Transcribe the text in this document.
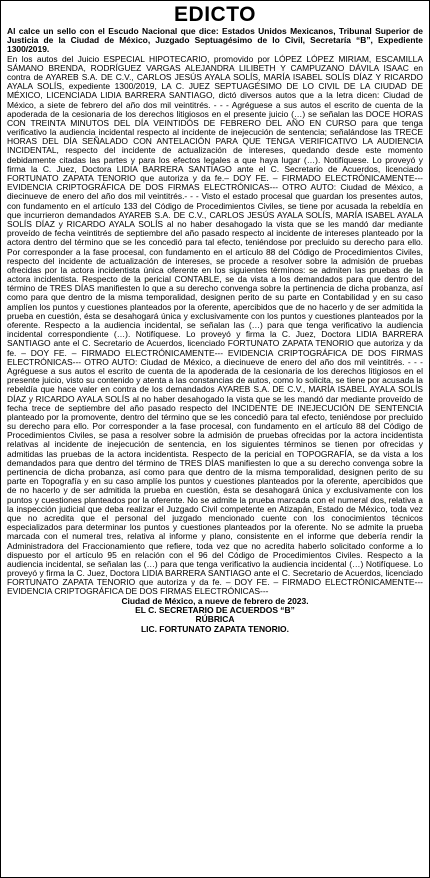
EDICTO

Al calce un sello con el Escudo Nacional que dice: Estados Unidos Mexicanos, Tribunal Superior de Justicia de la Ciudad de México, Juzgado Septuagésimo de lo Civil, Secretaría “B”, Expediente 1300/2019.

En los autos del Juicio ESPECIAL HIPOTECARIO, promovido por LÓPEZ LÓPEZ MIRIAM, ESCAMILLA SÁMANO BRENDA, RODRÍGUEZ VARGAS ALEJANDRA LILIBETH Y CAMPUZANO DÁVILA ISAAC en contra de AYAREB S.A. DE C.V., CARLOS JESÚS AYALA SOLÍS, MARÍA ISABEL SOLÍS DÍAZ Y RICARDO AYALA SOLÍS, expediente 1300/2019, LA C. JUEZ SEPTUAGÉSIMO DE LO CIVIL DE LA CIUDAD DE MÉXICO, LICENCIADA LIDIA BARRERA SANTIAGO, dictó diversos autos que a la letra dicen: Ciudad de México, a siete de febrero del año dos mil veintitrés. - - - Agréguese a sus autos el escrito de cuenta de la apoderada de la cesionaria de los derechos litigiosos en el presente juicio (…) se señalan las DOCE HORAS CON TREINTA MINUTOS DEL DÍA VEINTIDÓS DE FEBRERO DEL AÑO EN CURSO para que tenga verificativo la audiencia incidental respecto al incidente de inejecución de sentencia; señalándose las TRECE HORAS DEL DÍA SEÑALADO CON ANTELACIÓN PARA QUE TENGA VERIFICATIVO LA AUDIENCIA INCIDENTAL, respecto del incidente de actualización de intereses, quedando desde este momento debidamente citadas las partes y para los efectos legales a que haya lugar (…). Notifíquese. Lo proveyó y firma la C. Juez, Doctora LIDIA BARRERA SANTIAGO ante el C. Secretario de Acuerdos, licenciado FORTUNATO ZAPATA TENORIO que autoriza y da fe.– DOY FE. – FIRMADO ELECTRÓNICAMENTE---EVIDENCIA CRIPTOGRÁFICA DE DOS FIRMAS ELECTRÓNICAS--- OTRO AUTO: Ciudad de México, a diecinueve de enero del año dos mil veintitrés.- - - Visto el estado procesal que guardan los presentes autos, con fundamento en el artículo 133 del Código de Procedimientos Civiles, se tiene por acusada la rebeldía en que incurrieron demandados AYAREB S.A. DE C.V., CARLOS JESÚS AYALA SOLÍS, MARÍA ISABEL AYALA SOLÍS DÍAZ y RICARDO AYALA SOLÍS al no haber desahogado la vista que se les mandó dar mediante proveído de fecha veintitrés de septiembre del año pasado respecto al incidente de intereses planteado por la actora dentro del término que se les concedió para tal efecto, teniéndose por precluido su derecho para ello. Por corresponder a la fase procesal, con fundamento en el artículo 88 del Código de Procedimientos Civiles, respecto del incidente de actualización de intereses, se procede a resolver sobre la admisión de pruebas ofrecidas por la actora incidentista única oferente en los siguientes términos: se admiten las pruebas de la actora incidentista. Respecto de la pericial CONTABLE, se da vista a los demandados para que dentro del término de TRES DÍAS manifiesten lo que a su derecho convenga sobre la pertinencia de dicha probanza, así como para que dentro de la misma temporalidad, designen perito de su parte en Contabilidad y en su caso amplíen los puntos y cuestiones planteados por la oferente, apercibidos que de no hacerlo y de ser admitida la prueba en cuestión, ésta se desahogará única y exclusivamente con los puntos y cuestiones planteados por la oferente. Respecto a la audiencia incidental, se señalan las (…) para que tenga verificativo la audiencia incidental correspondiente (…). Notifíquese. Lo proveyó y firma la C. Juez, Doctora LIDIA BARRERA SANTIAGO ante el C. Secretario de Acuerdos, licenciado FORTUNATO ZAPATA TENORIO que autoriza y da fe. – DOY FE. – FIRMADO ELECTRÓNICAMENTE--- EVIDENCIA CRIPTOGRÁFICA DE DOS FIRMAS ELECTRÓNICAS--- OTRO AUTO: Ciudad de México, a diecinueve de enero del año dos mil veintitrés. - - - Agréguese a sus autos el escrito de cuenta de la apoderada de la cesionaria de los derechos litigiosos en el presente juicio, visto su contenido y atenta a las constancias de autos, como lo solicita, se tiene por acusada la rebeldía que hace valer en contra de los demandados AYAREB S.A. DE C.V., MARÍA ISABEL AYALA SOLÍS DÍAZ y RICARDO AYALA SOLÍS al no haber desahogado la vista que se les mandó dar mediante proveído de fecha trece de septiembre del año pasado respecto del INCIDENTE DE INEJECUCIÓN DE SENTENCIA planteado por la promovente, dentro del término que se les concedió para tal efecto, teniéndose por precluido su derecho para ello. Por corresponder a la fase procesal, con fundamento en el artículo 88 del Código de Procedimientos Civiles, se pasa a resolver sobre la admisión de pruebas ofrecidas por la actora incidentista relativas al incidente de inejecución de sentencia, en los siguientes términos se tienen por ofrecidas y admitidas las pruebas de la actora incidentista. Respecto de la pericial en TOPOGRAFÍA, se da vista a los demandados para que dentro del término de TRES DÍAS manifiesten lo que a su derecho convenga sobre la pertinencia de dicha probanza, así como para que dentro de la misma temporalidad, designen perito de su parte en Topografía y en su caso amplíe los puntos y cuestiones planteados por la oferente, apercibidos que de no hacerlo y de ser admitida la prueba en cuestión, ésta se desahogará única y exclusivamente con los puntos y cuestiones planteados por la oferente. No se admite la prueba marcada con el numeral dos, relativa a la inspección judicial que deba realizar el Juzgado Civil competente en Atizapán, Estado de México, toda vez que no acredita que el personal del juzgado mencionado cuente con los conocimientos técnicos especializados para determinar los puntos y cuestiones planteados por la oferente. No se admite la prueba marcada con el numeral tres, relativa al informe y plano, consistente en el informe que debería rendir la Administradora del Fraccionamiento que refiere, toda vez que no acredita haberlo solicitado conforme a lo dispuesto por el artículo 95 en relación con el 96 del Código de Procedimientos Civiles. Respecto a la audiencia incidental, se señalan las (…) para que tenga verificativo la audiencia incidental (…) Notifíquese. Lo proveyó y firma la C. Juez, Doctora LIDIA BARRERA SANTIAGO ante el C. Secretario de Acuerdos, licenciado FORTUNATO ZAPATA TENORIO que autoriza y da fe. – DOY FE. – FIRMADO ELECTRÓNICAMENTE--- EVIDENCIA CRIPTOGRÁFICA DE DOS FIRMAS ELECTRÓNICAS---

Ciudad de México, a nueve de febrero de 2023.

EL C. SECRETARIO DE ACUERDOS “B”

RÚBRICA

LIC. FORTUNATO ZAPATA TENORIO.
